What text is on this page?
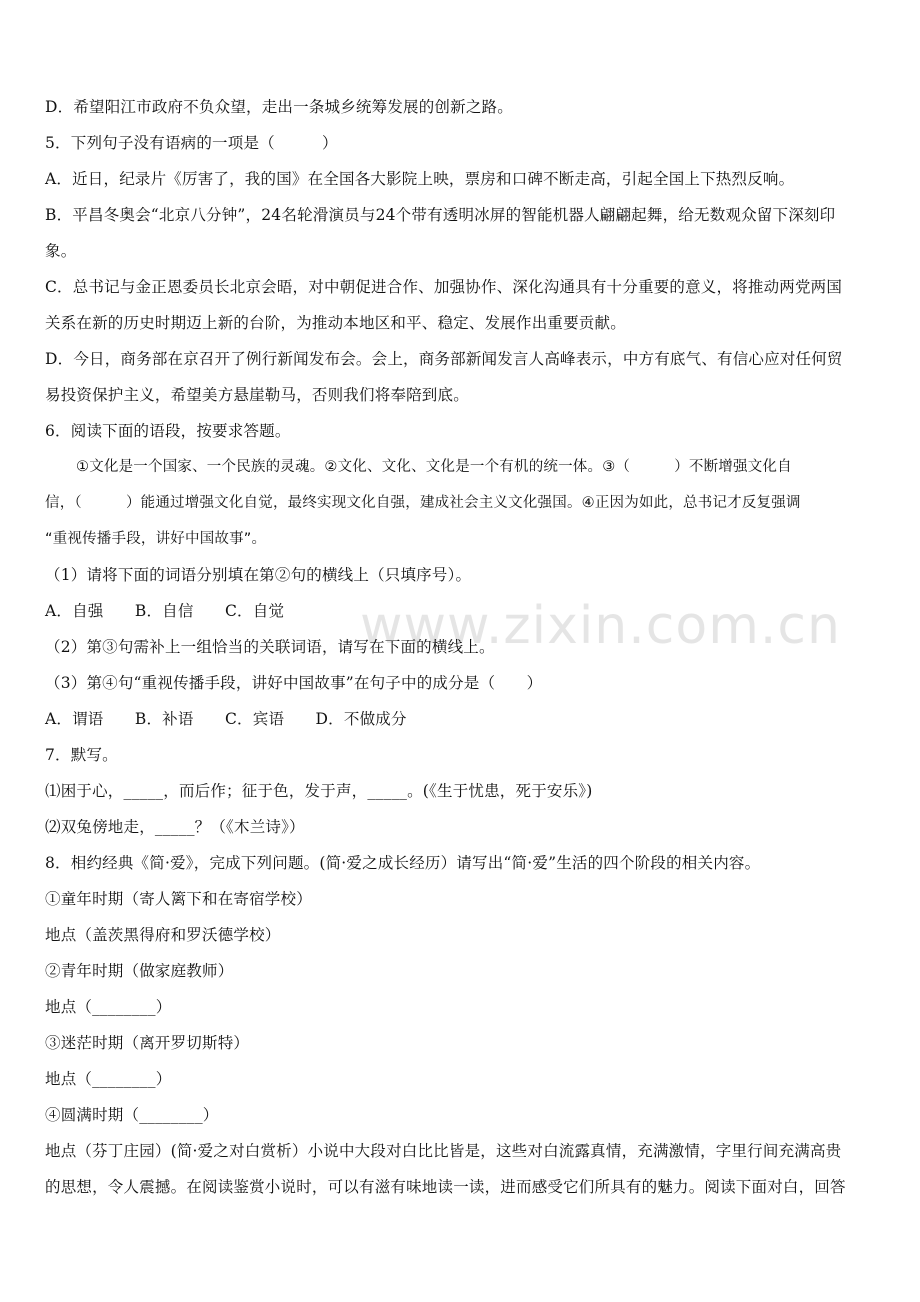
www.zixin.com.cn
D．希望阳江市政府不负众望，走出一条城乡统筹发展的创新之路。
5．下列句子没有语病的一项是（　　　）
A．近日，纪录片《厉害了，我的国》在全国各大影院上映，票房和口碑不断走高，引起全国上下热烈反响。
B．平昌冬奥会“北京八分钟”，24名轮滑演员与24个带有透明冰屏的智能机器人翩翩起舞，给无数观众留下深刻印
象。
C．总书记与金正恩委员长北京会晤，对中朝促进合作、加强协作、深化沟通具有十分重要的意义，将推动两党两国
关系在新的历史时期迈上新的台阶，为推动本地区和平、稳定、发展作出重要贡献。
D．今日，商务部在京召开了例行新闻发布会。会上，商务部新闻发言人高峰表示，中方有底气、有信心应对任何贸
易投资保护主义，希望美方悬崖勒马，否则我们将奉陪到底。
6．阅读下面的语段，按要求答题。
①文化是一个国家、一个民族的灵魂。②文化、文化、文化是一个有机的统一体。③（　　　）不断增强文化自
信，（　　　）能通过增强文化自觉，最终实现文化自强，建成社会主义文化强国。④正因为如此，总书记才反复强调
“重视传播手段，讲好中国故事”。
（1）请将下面的词语分别填在第②句的横线上（只填序号）。
A．自强　　B．自信　　C．自觉
（2）第③句需补上一组恰当的关联词语，请写在下面的横线上。
（3）第④句“重视传播手段，讲好中国故事”在句子中的成分是（　　）
A．谓语　　B．补语　　C．宾语　　D．不做成分
7．默写。
⑴困于心，_____，而后作；征于色，发于声，_____。(《生于忧患，死于安乐》)
⑵双兔傍地走，_____？（《木兰诗》）
8．相约经典《简·爱》，完成下列问题。(简·爱之成长经历）请写出“简·爱”生活的四个阶段的相关内容。
①童年时期（寄人篱下和在寄宿学校）
地点（盖茨黑得府和罗沃德学校）
②青年时期（做家庭教师）
地点（________）
③迷茫时期（离开罗切斯特）
地点（________）
④圆满时期（________）
地点（芬丁庄园）(简·爱之对白赏析）小说中大段对白比比皆是，这些对白流露真情，充满激情，字里行间充满高贵
的思想，令人震撼。在阅读鉴赏小说时，可以有滋有味地读一读，进而感受它们所具有的魅力。阅读下面对白，回答
